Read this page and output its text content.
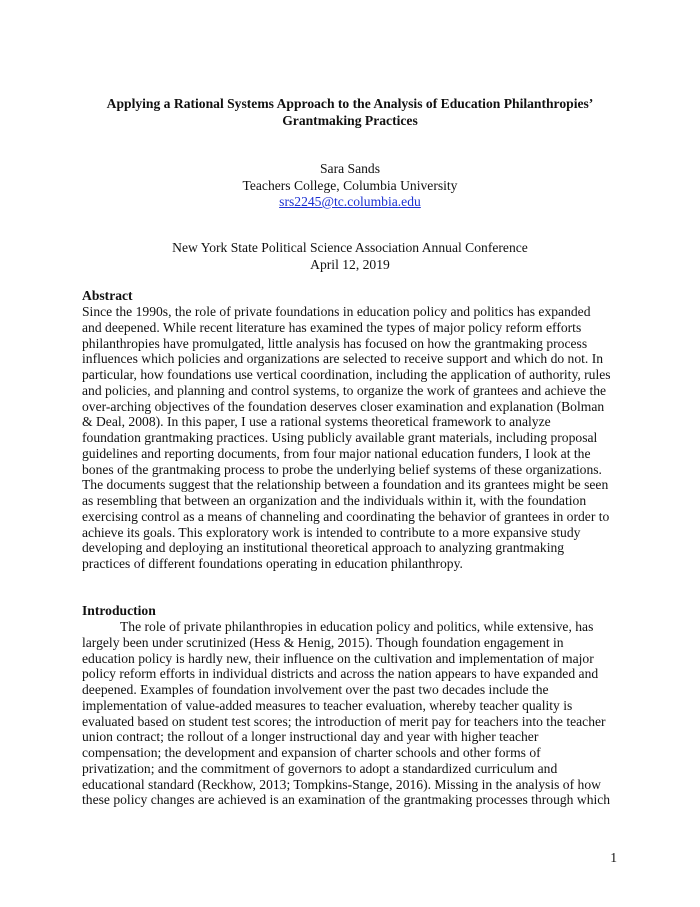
Applying a Rational Systems Approach to the Analysis of Education Philanthropies’
Grantmaking Practices
Sara Sands
Teachers College, Columbia University
srs2245@tc.columbia.edu
New York State Political Science Association Annual Conference
April 12, 2019
Abstract

Since the 1990s, the role of private foundations in education policy and politics has expanded

and deepened. While recent literature has examined the types of major policy reform efforts

philanthropies have promulgated, little analysis has focused on how the grantmaking process

influences which policies and organizations are selected to receive support and which do not. In

particular, how foundations use vertical coordination, including the application of authority, rules

and policies, and planning and control systems, to organize the work of grantees and achieve the

over-arching objectives of the foundation deserves closer examination and explanation (Bolman

& Deal, 2008). In this paper, I use a rational systems theoretical framework to analyze

foundation grantmaking practices. Using publicly available grant materials, including proposal

guidelines and reporting documents, from four major national education funders, I look at the

bones of the grantmaking process to probe the underlying belief systems of these organizations.

The documents suggest that the relationship between a foundation and its grantees might be seen

as resembling that between an organization and the individuals within it, with the foundation

exercising control as a means of channeling and coordinating the behavior of grantees in order to

achieve its goals. This exploratory work is intended to contribute to a more expansive study

developing and deploying an institutional theoretical approach to analyzing grantmaking

practices of different foundations operating in education philanthropy.

Introduction

The role of private philanthropies in education policy and politics, while extensive, has

largely been under scrutinized (Hess & Henig, 2015). Though foundation engagement in

education policy is hardly new, their influence on the cultivation and implementation of major

policy reform efforts in individual districts and across the nation appears to have expanded and

deepened. Examples of foundation involvement over the past two decades include the

implementation of value-added measures to teacher evaluation, whereby teacher quality is

evaluated based on student test scores; the introduction of merit pay for teachers into the teacher

union contract; the rollout of a longer instructional day and year with higher teacher

compensation; the development and expansion of charter schools and other forms of

privatization; and the commitment of governors to adopt a standardized curriculum and

educational standard (Reckhow, 2013; Tompkins-Stange, 2016). Missing in the analysis of how

these policy changes are achieved is an examination of the grantmaking processes through which

1
